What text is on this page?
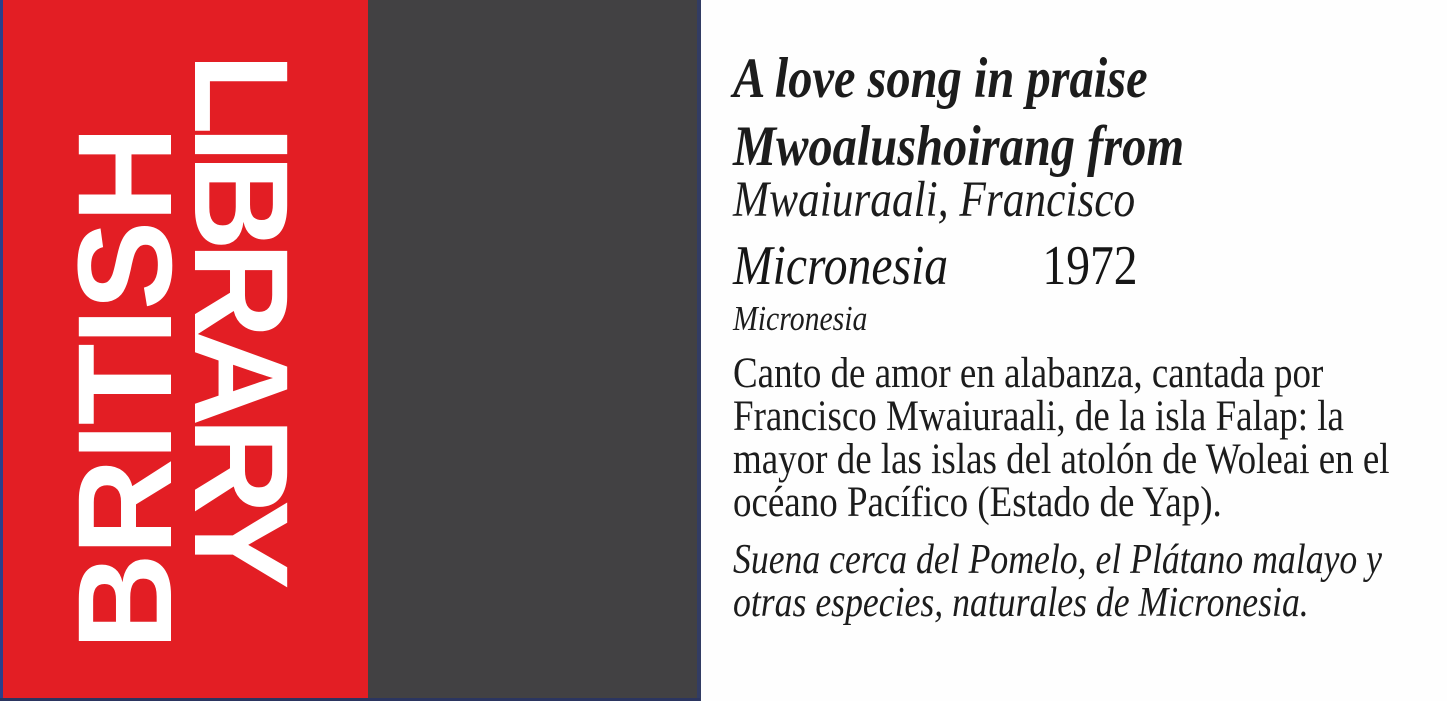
BRITISH
LIBRARY	A love song in praise
Mwoalushoirang from
Mwaiuraali, Francisco
Micronesia 1972
Micronesia
Canto de amor en alabanza, cantada por
Francisco Mwaiuraali, de la isla Falap: la
mayor de las islas del atolón de Woleai en el
océano Pacífico (Estado de Yap).
Suena cerca del Pomelo, el Plátano malayo y
otras especies, naturales de Micronesia.
